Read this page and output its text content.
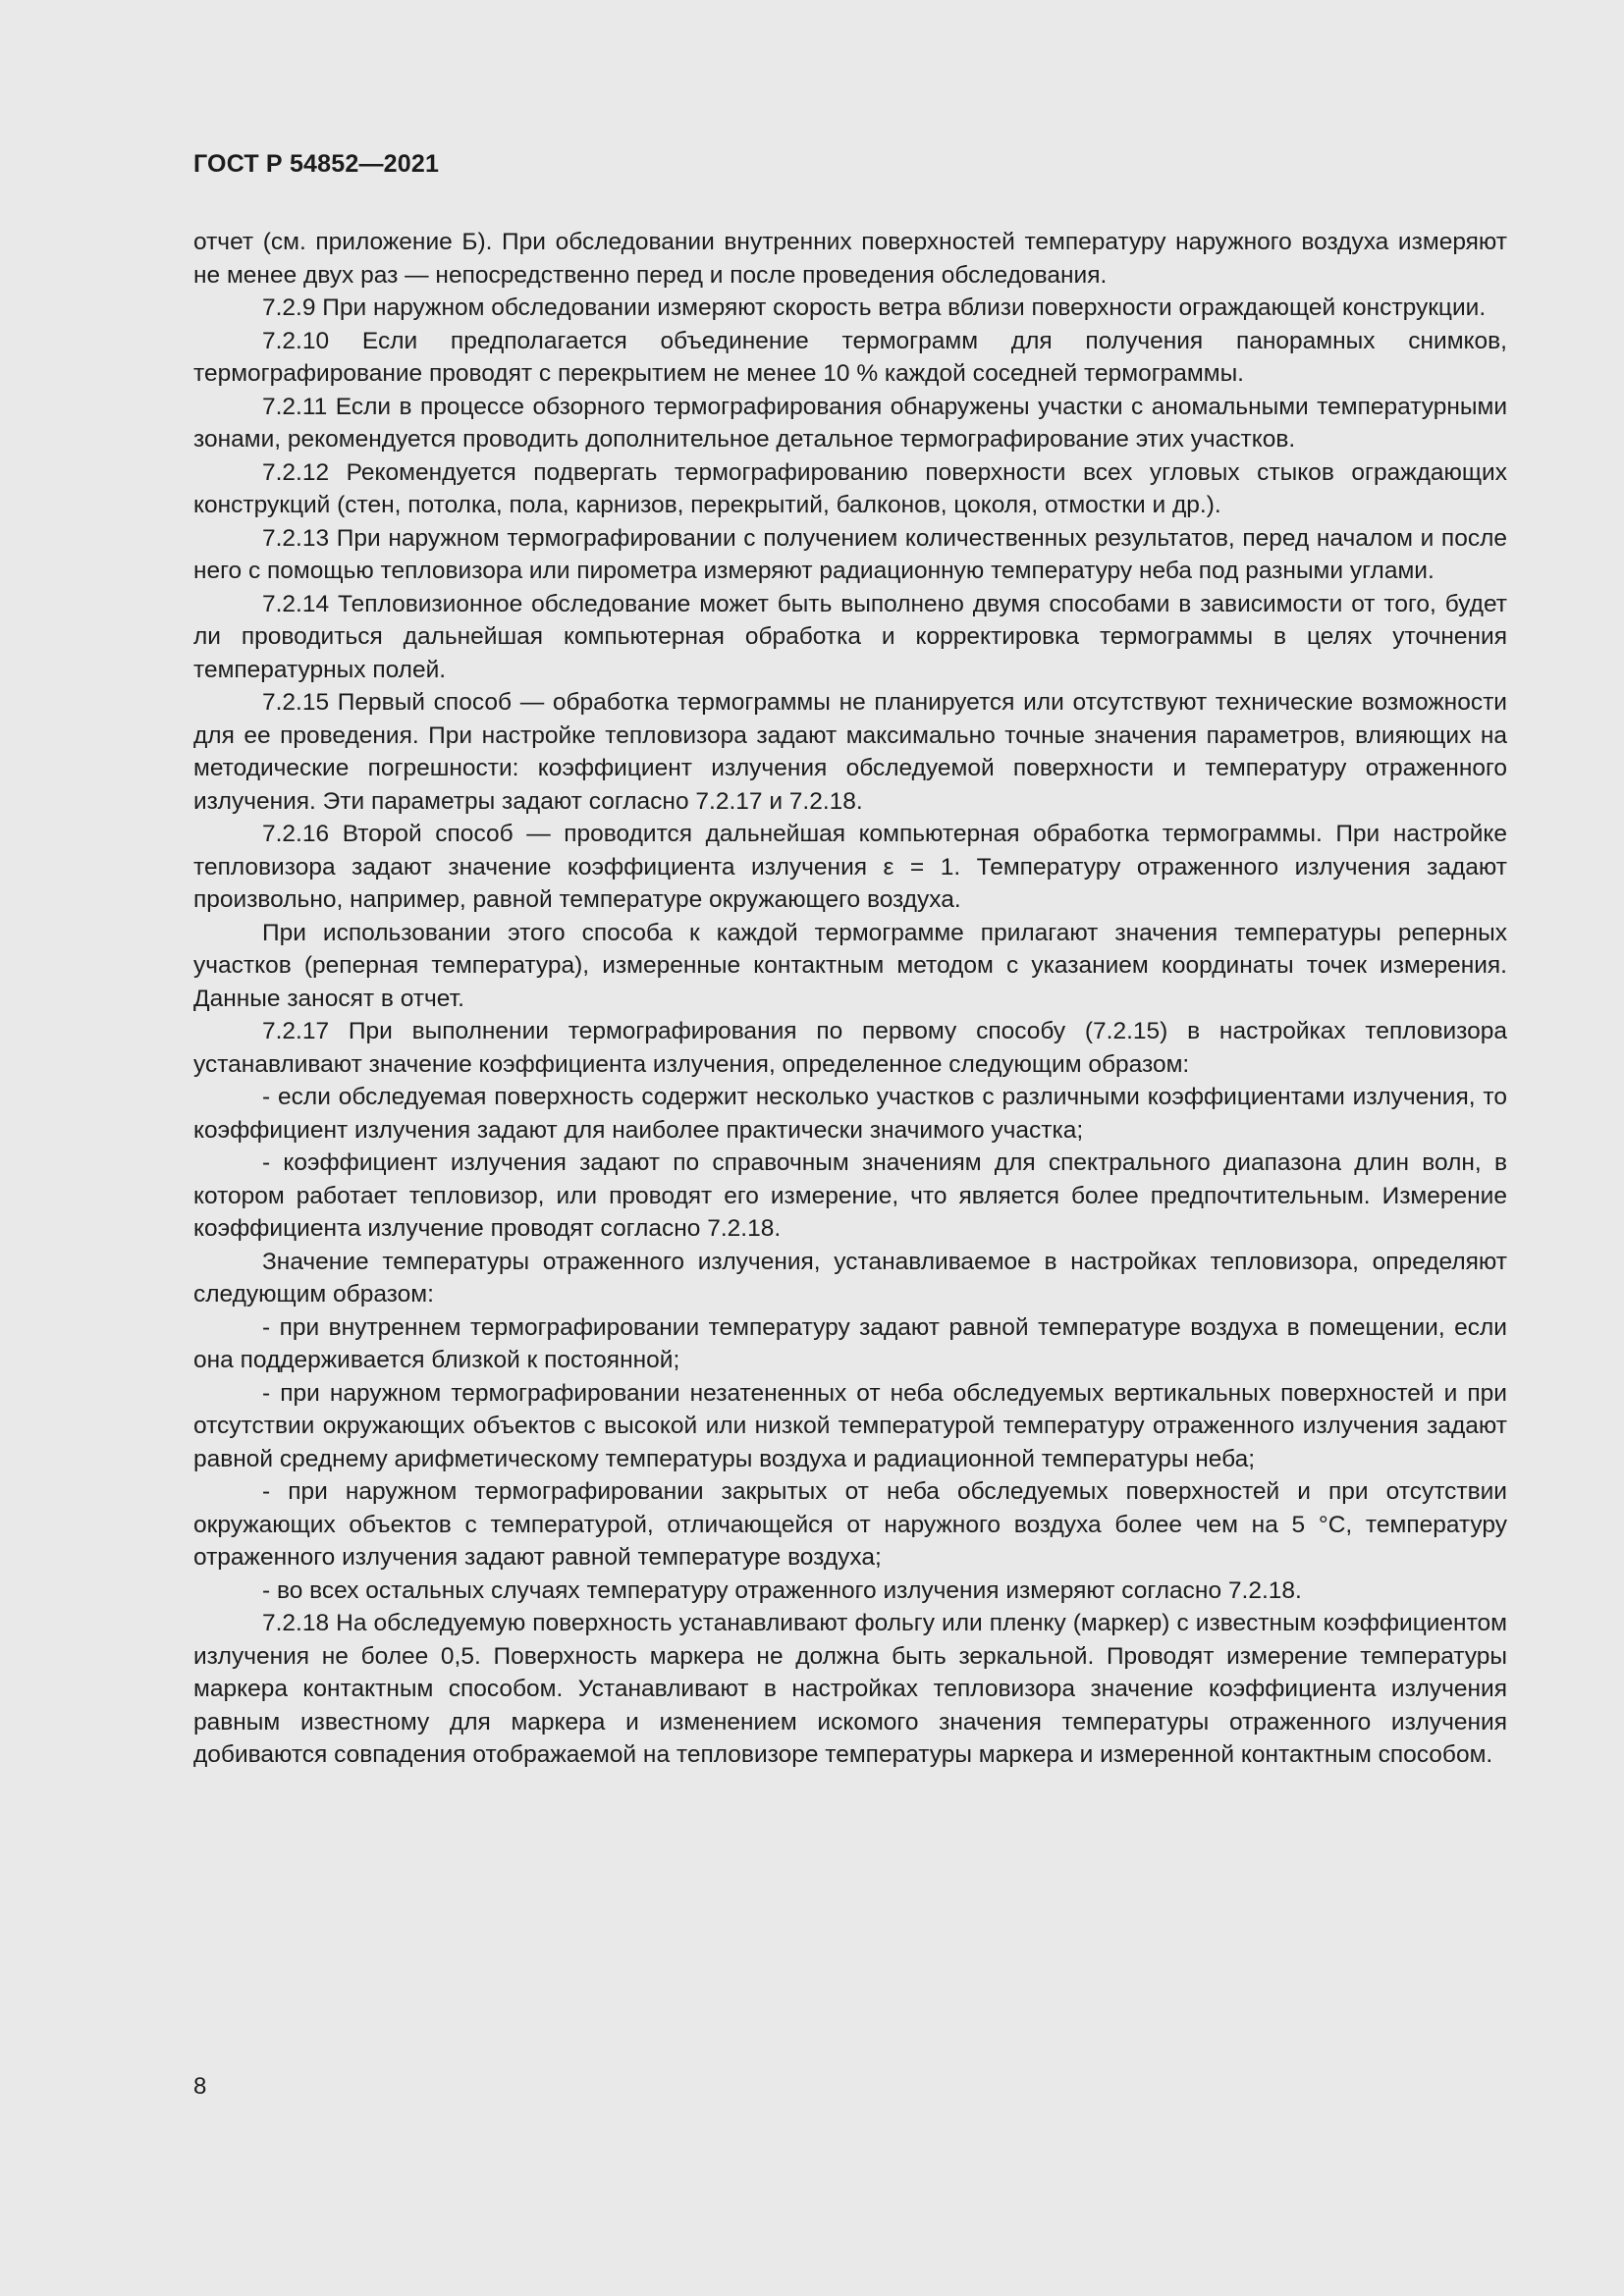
ГОСТ Р 54852—2021

отчет (см. приложение Б). При обследовании внутренних поверхностей температуру наружного воздуха измеряют не менее двух раз — непосредственно перед и после проведения обследования.

7.2.9 При наружном обследовании измеряют скорость ветра вблизи поверхности ограждающей конструкции.

7.2.10 Если предполагается объединение термограмм для получения панорамных снимков, термографирование проводят с перекрытием не менее 10 % каждой соседней термограммы.

7.2.11 Если в процессе обзорного термографирования обнаружены участки с аномальными температурными зонами, рекомендуется проводить дополнительное детальное термографирование этих участков.

7.2.12 Рекомендуется подвергать термографированию поверхности всех угловых стыков ограждающих конструкций (стен, потолка, пола, карнизов, перекрытий, балконов, цоколя, отмостки и др.).

7.2.13 При наружном термографировании с получением количественных результатов, перед началом и после него с помощью тепловизора или пирометра измеряют радиационную температуру неба под разными углами.

7.2.14 Тепловизионное обследование может быть выполнено двумя способами в зависимости от того, будет ли проводиться дальнейшая компьютерная обработка и корректировка термограммы в целях уточнения температурных полей.

7.2.15 Первый способ — обработка термограммы не планируется или отсутствуют технические возможности для ее проведения. При настройке тепловизора задают максимально точные значения параметров, влияющих на методические погрешности: коэффициент излучения обследуемой поверхности и температуру отраженного излучения. Эти параметры задают согласно 7.2.17 и 7.2.18.

7.2.16 Второй способ — проводится дальнейшая компьютерная обработка термограммы. При настройке тепловизора задают значение коэффициента излучения ε = 1. Температуру отраженного излучения задают произвольно, например, равной температуре окружающего воздуха.

При использовании этого способа к каждой термограмме прилагают значения температуры реперных участков (реперная температура), измеренные контактным методом с указанием координаты точек измерения. Данные заносят в отчет.

7.2.17 При выполнении термографирования по первому способу (7.2.15) в настройках тепловизора устанавливают значение коэффициента излучения, определенное следующим образом:

- если обследуемая поверхность содержит несколько участков с различными коэффициентами излучения, то коэффициент излучения задают для наиболее практически значимого участка;

- коэффициент излучения задают по справочным значениям для спектрального диапазона длин волн, в котором работает тепловизор, или проводят его измерение, что является более предпочтительным. Измерение коэффициента излучение проводят согласно 7.2.18.

Значение температуры отраженного излучения, устанавливаемое в настройках тепловизора, определяют следующим образом:

- при внутреннем термографировании температуру задают равной температуре воздуха в помещении, если она поддерживается близкой к постоянной;

- при наружном термографировании незатененных от неба обследуемых вертикальных поверхностей и при отсутствии окружающих объектов с высокой или низкой температурой температуру отраженного излучения задают равной среднему арифметическому температуры воздуха и радиационной температуры неба;

- при наружном термографировании закрытых от неба обследуемых поверхностей и при отсутствии окружающих объектов с температурой, отличающейся от наружного воздуха более чем на 5 °С, температуру отраженного излучения задают равной температуре воздуха;

- во всех остальных случаях температуру отраженного излучения измеряют согласно 7.2.18.

7.2.18 На обследуемую поверхность устанавливают фольгу или пленку (маркер) с известным коэффициентом излучения не более 0,5. Поверхность маркера не должна быть зеркальной. Проводят измерение температуры маркера контактным способом. Устанавливают в настройках тепловизора значение коэффициента излучения равным известному для маркера и изменением искомого значения температуры отраженного излучения добиваются совпадения отображаемой на тепловизоре температуры маркера и измеренной контактным способом.

8
